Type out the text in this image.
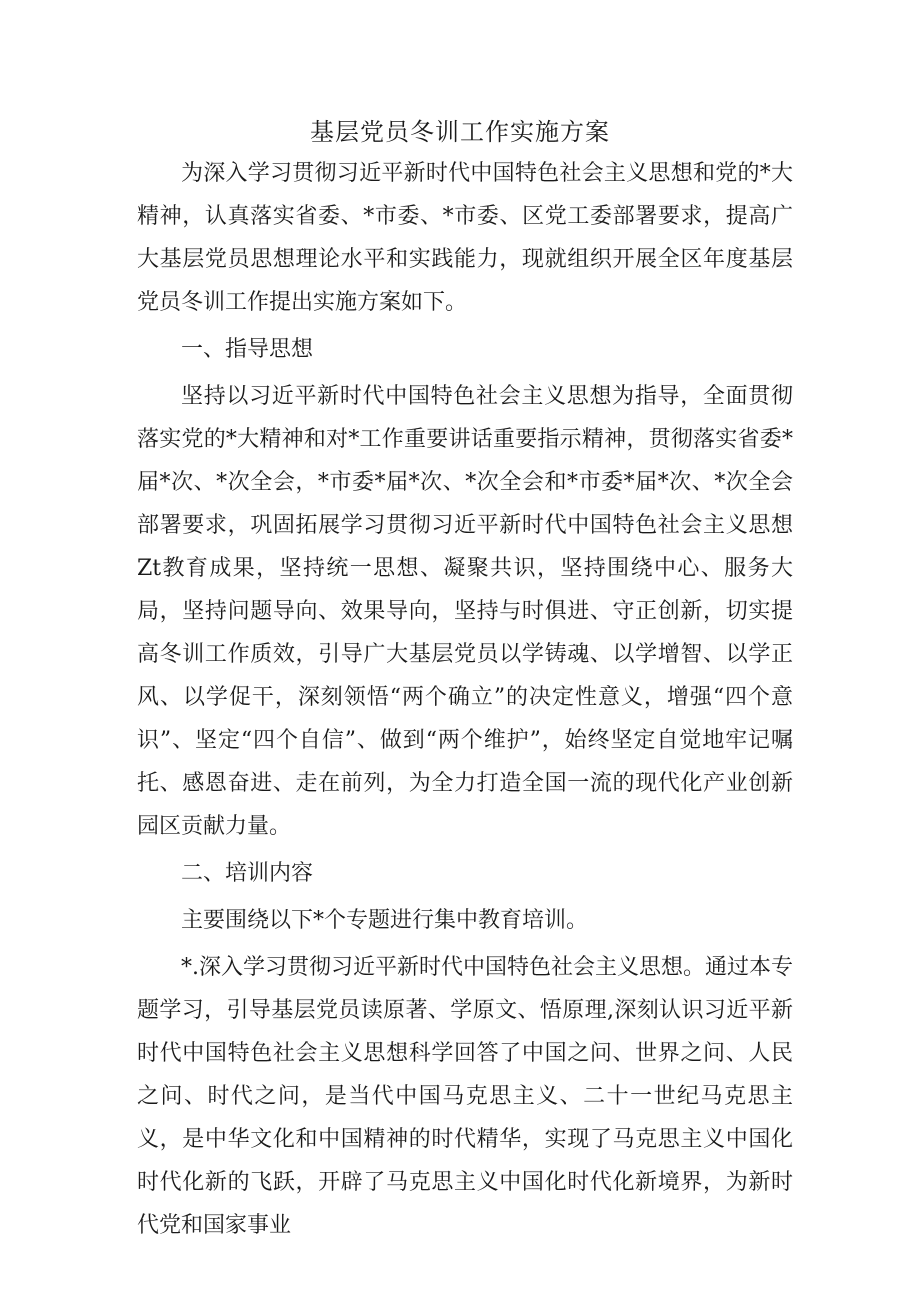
基层党员冬训工作实施方案

为深入学习贯彻习近平新时代中国特色社会主义思想和党的*大精神，认真落实省委、*市委、*市委、区党工委部署要求，提高广大基层党员思想理论水平和实践能力，现就组织开展全区年度基层党员冬训工作提出实施方案如下。

一、指导思想

坚持以习近平新时代中国特色社会主义思想为指导，全面贯彻落实党的*大精神和对*工作重要讲话重要指示精神，贯彻落实省委*届*次、*次全会，*市委*届*次、*次全会和*市委*届*次、*次全会部署要求，巩固拓展学习贯彻习近平新时代中国特色社会主义思想Zt教育成果，坚持统一思想、凝聚共识，坚持围绕中心、服务大局，坚持问题导向、效果导向，坚持与时俱进、守正创新，切实提高冬训工作质效，引导广大基层党员以学铸魂、以学增智、以学正风、以学促干，深刻领悟“两个确立”的决定性意义，增强“四个意识”、坚定“四个自信”、做到“两个维护”，始终坚定自觉地牢记嘱托、感恩奋进、走在前列，为全力打造全国一流的现代化产业创新园区贡献力量。

二、培训内容

主要围绕以下*个专题进行集中教育培训。

*.深入学习贯彻习近平新时代中国特色社会主义思想。通过本专题学习，引导基层党员读原著、学原文、悟原理,深刻认识习近平新时代中国特色社会主义思想科学回答了中国之问、世界之问、人民之问、时代之问，是当代中国马克思主义、二十一世纪马克思主义，是中华文化和中国精神的时代精华，实现了马克思主义中国化时代化新的飞跃，开辟了马克思主义中国化时代化新境界，为新时代党和国家事业
